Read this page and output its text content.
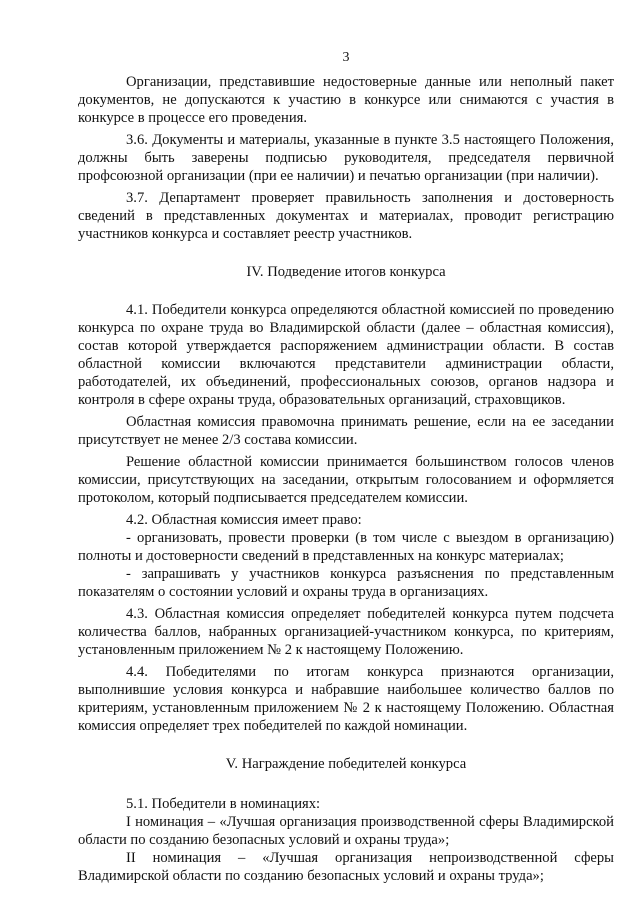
3

Организации, представившие недостоверные данные или неполный пакет документов, не допускаются к участию в конкурсе или снимаются с участия в конкурсе в процессе его проведения.

3.6. Документы и материалы, указанные в пункте 3.5 настоящего Положения, должны быть заверены подписью руководителя, председателя первичной профсоюзной организации (при ее наличии) и печатью организации (при наличии).

3.7. Департамент проверяет правильность заполнения и достоверность сведений в представленных документах и материалах, проводит регистрацию участников конкурса и составляет реестр участников.

IV. Подведение итогов конкурса

4.1. Победители конкурса определяются областной комиссией по проведению конкурса по охране труда во Владимирской области (далее – областная комиссия), состав которой утверждается распоряжением администрации области. В состав областной комиссии включаются представители администрации области, работодателей, их объединений, профессиональных союзов, органов надзора и контроля в сфере охраны труда, образовательных организаций, страховщиков.

Областная комиссия правомочна принимать решение, если на ее заседании присутствует не менее 2/3 состава комиссии.

Решение областной комиссии принимается большинством голосов членов комиссии, присутствующих на заседании, открытым голосованием и оформляется протоколом, который подписывается председателем комиссии.

4.2. Областная комиссия имеет право:

- организовать, провести проверки (в том числе с выездом в организацию) полноты и достоверности сведений в представленных на конкурс материалах;

- запрашивать у участников конкурса разъяснения по представленным показателям о состоянии условий и охраны труда в организациях.

4.3. Областная комиссия определяет победителей конкурса путем подсчета количества баллов, набранных организацией-участником конкурса, по критериям, установленным приложением № 2 к настоящему Положению.

4.4. Победителями по итогам конкурса признаются организации, выполнившие условия конкурса и набравшие наибольшее количество баллов по критериям, установленным приложением № 2 к настоящему Положению. Областная комиссия определяет трех победителей по каждой номинации.

V. Награждение победителей конкурса

5.1. Победители в номинациях:

I номинация – «Лучшая организация производственной сферы Владимирской области по созданию безопасных условий и охраны труда»;

II номинация – «Лучшая организация непроизводственной сферы Владимирской области по созданию безопасных условий и охраны труда»;
